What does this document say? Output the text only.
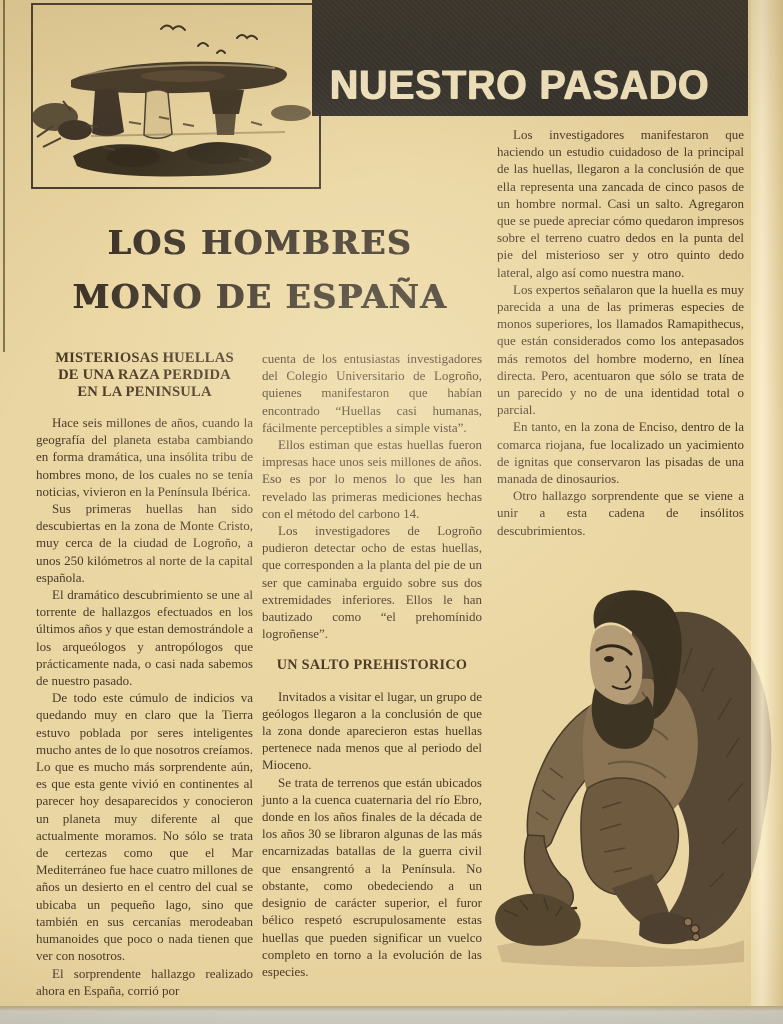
NUESTRO PASADO
LOS HOMBRES
MONO DE ESPAÑA
MISTERIOSAS HUELLAS
DE UNA RAZA PERDIDA
EN LA PENINSULA

Hace seis millones de años, cuando la geografía del planeta estaba cambiando en forma dramática, una insólita tribu de hombres mono, de los cuales no se tenía noticias, vivieron en la Península Ibérica.

Sus primeras huellas han sido descubiertas en la zona de Monte Cristo, muy cerca de la ciudad de Logroño, a unos 250 kilómetros al norte de la capital española.

El dramático descubrimiento se une al torrente de hallazgos efectuados en los últimos años y que estan demostrándole a los arqueólogos y antropólogos que prácticamente nada, o casi nada sabemos de nuestro pasado.

De todo este cúmulo de indicios va quedando muy en claro que la Tierra estuvo poblada por seres inteligentes mucho antes de lo que nosotros creíamos. Lo que es mucho más sorprendente aún, es que esta gente vivió en continentes al parecer hoy desaparecidos y conocieron un planeta muy diferente al que actualmente moramos. No sólo se trata de certezas como que el Mar Mediterráneo fue hace cuatro millones de años un desierto en el centro del cual se ubicaba un pequeño lago, sino que también en sus cercanías merodeaban humanoides que poco o nada tienen que ver con nosotros.

El sorprendente hallazgo realizado ahora en España, corrió por

cuenta de los entusiastas investigadores del Colegio Universitario de Logroño, quienes manifestaron que habían encontrado “Huellas casi humanas, fácilmente perceptibles a simple vista”.

Ellos estiman que estas huellas fueron impresas hace unos seis millones de años. Eso es por lo menos lo que les han revelado las primeras mediciones hechas con el método del carbono 14.

Los investigadores de Logroño pudieron detectar ocho de estas huellas, que corresponden a la planta del pie de un ser que caminaba erguido sobre sus dos extremidades inferiores. Ellos le han bautizado como “el prehomínido logroñense”.

UN SALTO PREHISTORICO

Invitados a visitar el lugar, un grupo de geólogos llegaron a la conclusión de que la zona donde aparecieron estas huellas pertenece nada menos que al periodo del Mioceno.

Se trata de terrenos que están ubicados junto a la cuenca cuaternaria del río Ebro, donde en los años finales de la década de los años 30 se libraron algunas de las más encarnizadas batallas de la guerra civil que ensangrentó a la Península. No obstante, como obedeciendo a un designio de carácter superior, el furor bélico respetó escrupulosamente estas huellas que pueden significar un vuelco completo en torno a la evolución de las especies.

Los investigadores manifestaron que haciendo un estudio cuidadoso de la principal de las huellas, llegaron a la conclusión de que ella representa una zancada de cinco pasos de un hombre normal. Casi un salto. Agregaron que se puede apreciar cómo quedaron impresos sobre el terreno cuatro dedos en la punta del pie del misterioso ser y otro quinto dedo lateral, algo así como nuestra mano.

Los expertos señalaron que la huella es muy parecida a una de las primeras especies de monos superiores, los llamados Ramapithecus, que están considerados como los antepasados más remotos del hombre moderno, en línea directa. Pero, acentuaron que sólo se trata de un parecido y no de una identidad total o parcial.

En tanto, en la zona de Enciso, dentro de la comarca riojana, fue localizado un yacimiento de ignitas que conservaron las pisadas de una manada de dinosaurios.

Otro hallazgo sorprendente que se viene a unir a esta cadena de insólitos descubrimientos.
